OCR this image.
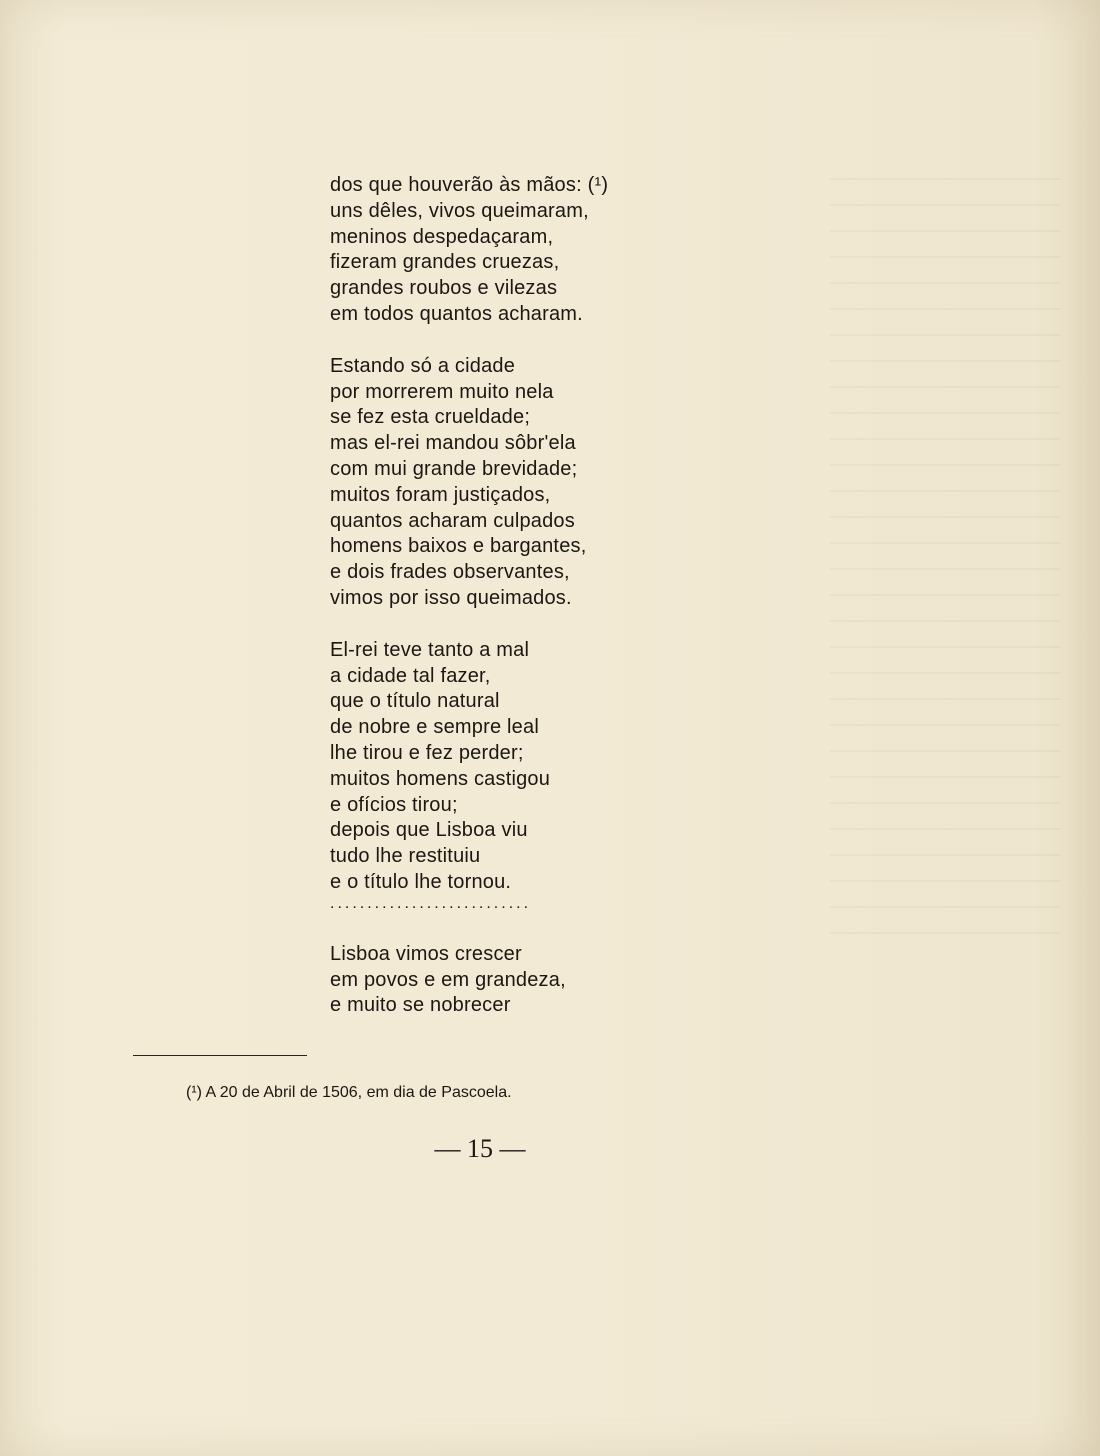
dos que houverão às mãos: (¹)
uns dêles, vivos queimaram,
meninos despedaçaram,
fizeram grandes cruezas,
grandes roubos e vilezas
em todos quantos acharam.
Estando só a cidade
por morrerem muito nela
se fez esta crueldade;
mas el-rei mandou sôbr'ela
com mui grande brevidade;
muitos foram justiçados,
quantos acharam culpados
homens baixos e bargantes,
e dois frades observantes,
vimos por isso queimados.
El-rei teve tanto a mal
a cidade tal fazer,
que o título natural
de nobre e sempre leal
lhe tirou e fez perder;
muitos homens castigou
e ofícios tirou;
depois que Lisboa viu
tudo lhe restituiu
e o título lhe tornou.
...........................
Lisboa vimos crescer
em povos e em grandeza,
e muito se nobrecer
(¹) A 20 de Abril de 1506, em dia de Pascoela.
— 15 —
